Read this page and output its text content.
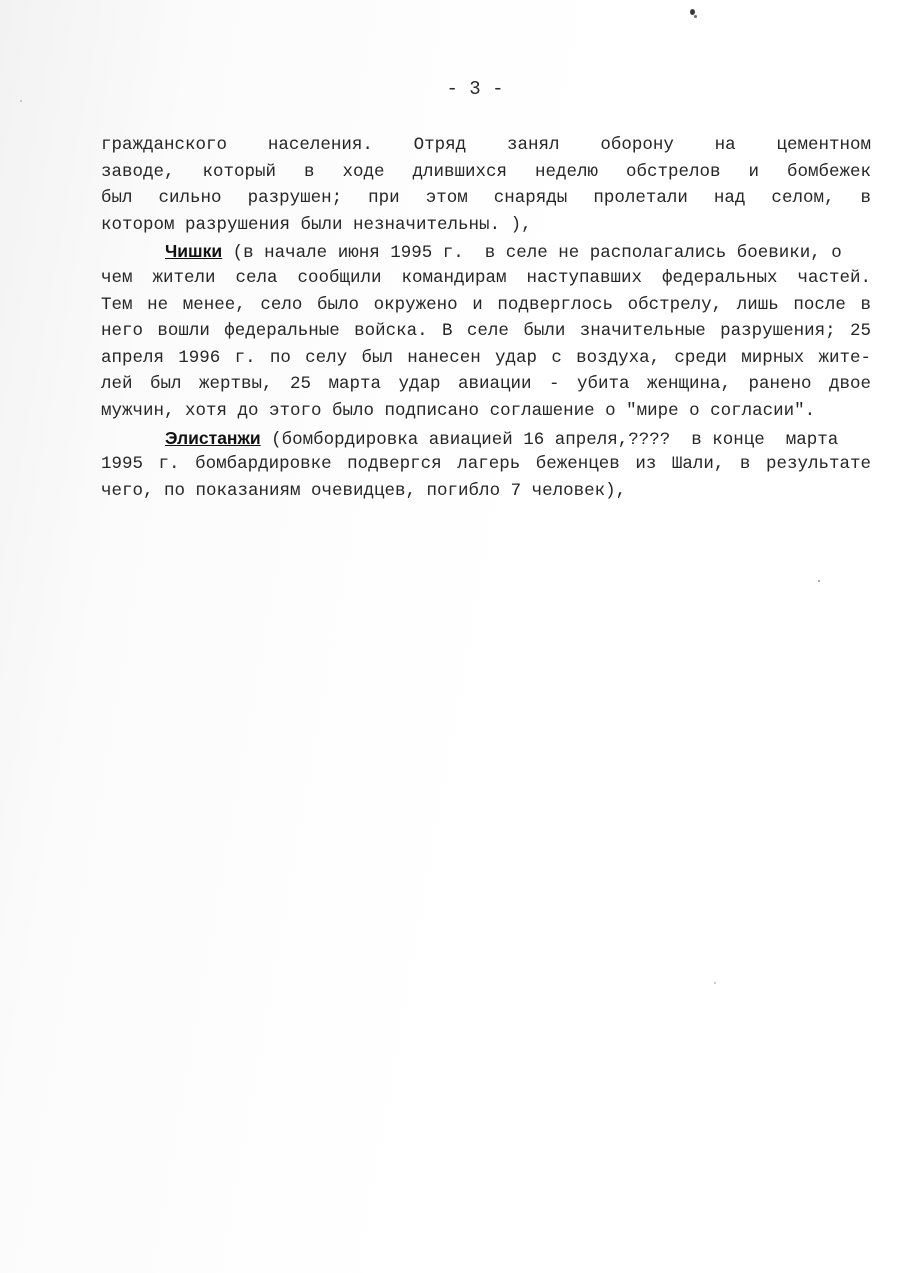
- 3 -
гражданского населения. Отряд занял оборону на цементном
заводе, который в ходе длившихся неделю обстрелов и бомбежек
был сильно разрушен; при этом снаряды пролетали над селом, в
котором разрушения были незначительны. ),
Чишки (в начале июня 1995 г.  в селе не располагались боевики, о
чем жители села сообщили командирам наступавших федеральных частей.
Тем не менее, село было окружено и подверглось обстрелу, лишь после в
него вошли федеральные войска. В селе были значительные разрушения; 25
апреля 1996 г. по селу был нанесен удар с воздуха, среди мирных жите-
лей был жертвы, 25 марта удар авиации - убита женщина, ранено двое
мужчин, хотя до этого было подписано соглашение о "мире о согласии".
Элистанжи (бомбордировка авиацией 16 апреля,????  в конце  марта
1995 г. бомбардировке подвергся лагерь беженцев из Шали, в результате
чего, по показаниям очевидцев, погибло 7 человек),
